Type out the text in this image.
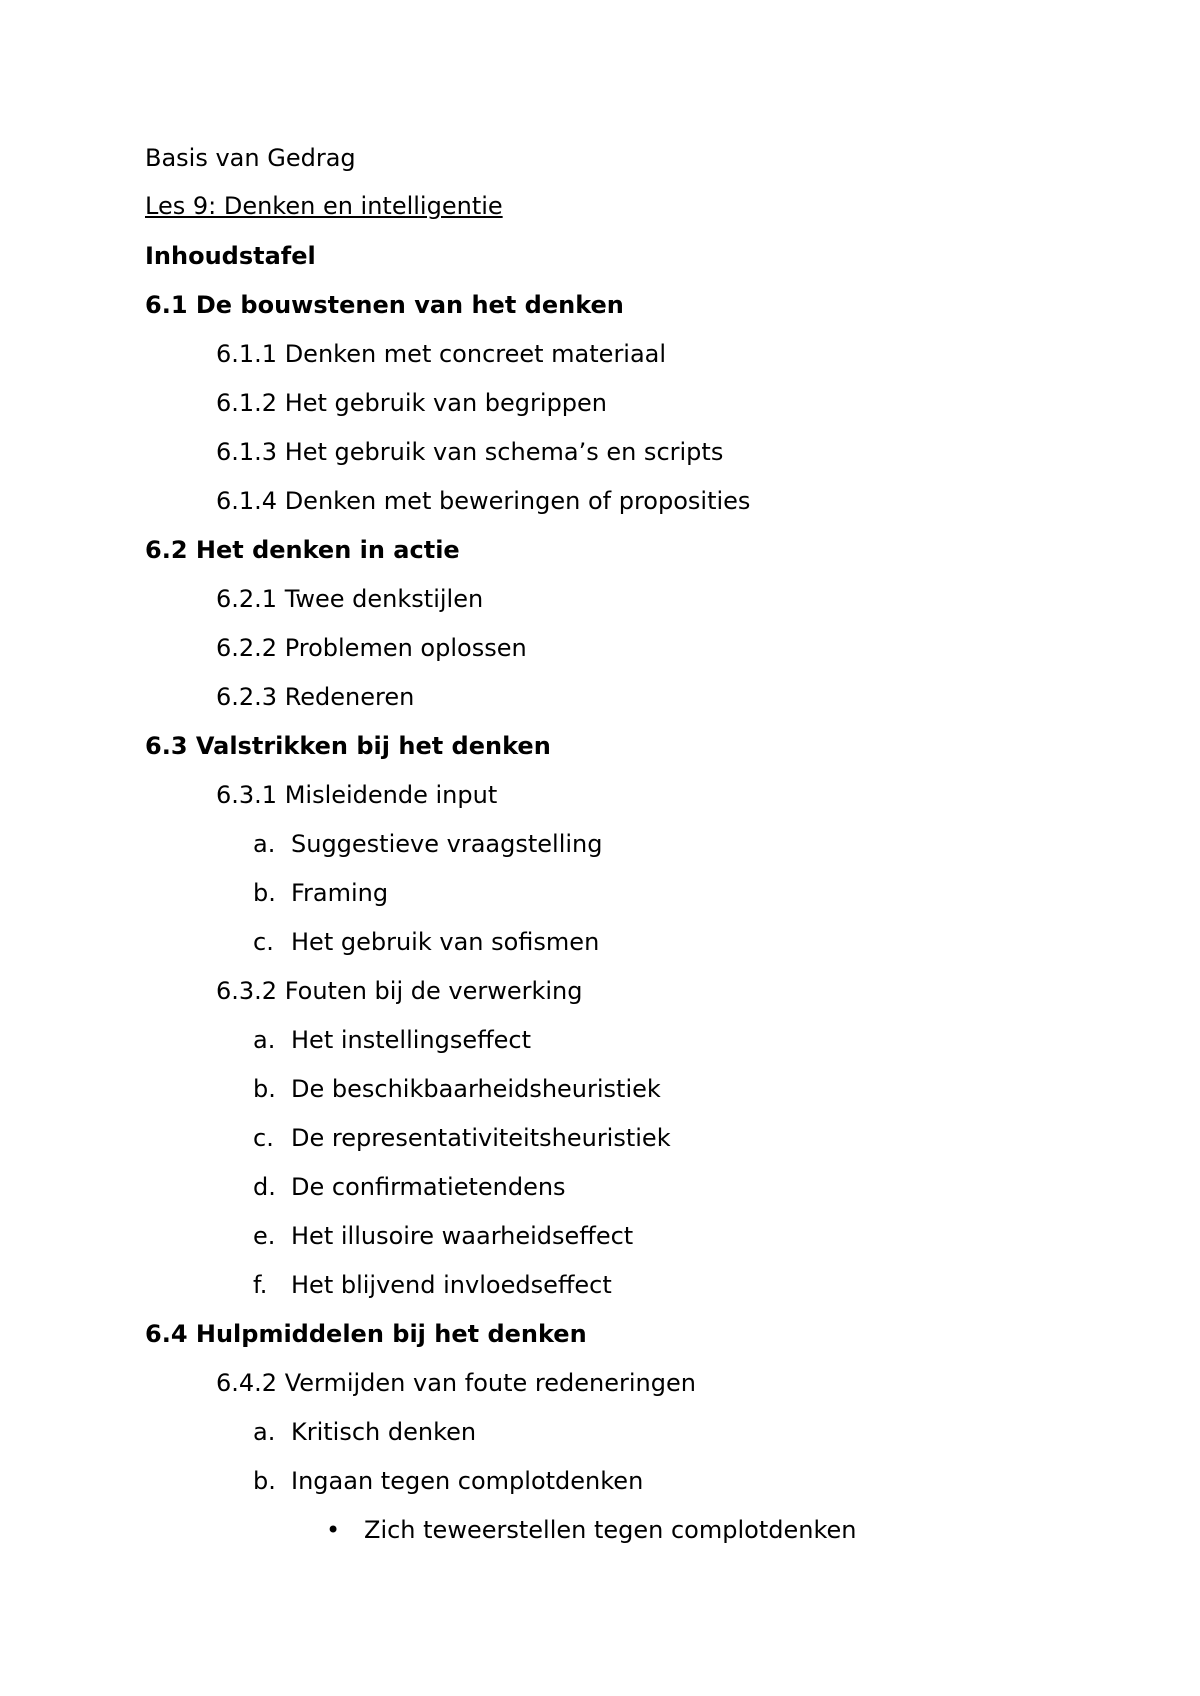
Basis van Gedrag
Les 9: Denken en intelligentie
Inhoudstafel
6.1 De bouwstenen van het denken
6.1.1 Denken met concreet materiaal
6.1.2 Het gebruik van begrippen
6.1.3 Het gebruik van schema’s en scripts
6.1.4 Denken met beweringen of proposities
6.2 Het denken in actie
6.2.1 Twee denkstijlen
6.2.2 Problemen oplossen
6.2.3 Redeneren
6.3 Valstrikken bij het denken
6.3.1 Misleidende input
a. Suggestieve vraagstelling
b. Framing
c. Het gebruik van sofismen
6.3.2 Fouten bij de verwerking
a. Het instellingseffect
b. De beschikbaarheidsheuristiek
c. De representativiteitsheuristiek
d. De confirmatietendens
e. Het illusoire waarheidseffect
f. Het blijvend invloedseffect
6.4 Hulpmiddelen bij het denken
6.4.2 Vermijden van foute redeneringen
a. Kritisch denken
b. Ingaan tegen complotdenken
• Zich teweerstellen tegen complotdenken
